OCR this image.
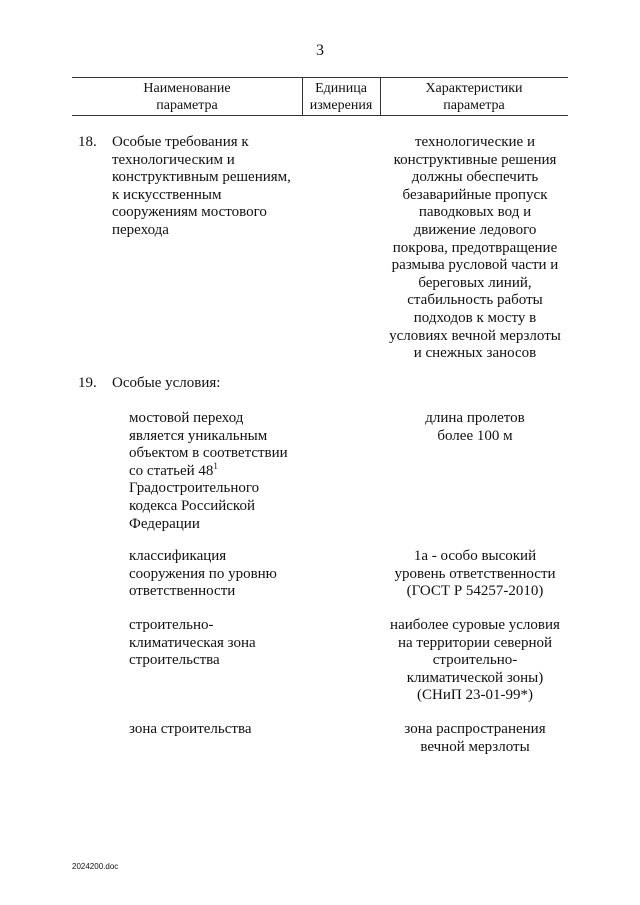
3
Наименование
параметра
Единица
измерения
Характеристики
параметра
18. Особые требования к
технологическим и
конструктивным решениям,
к искусственным
сооружениям мостового
перехода
технологические и
конструктивные решения
должны обеспечить
безаварийные пропуск
паводковых вод и
движение ледового
покрова, предотвращение
размыва русловой части и
береговых линий,
стабильность работы
подходов к мосту в
условиях вечной мерзлоты
и снежных заносов
19. Особые условия:
мостовой переход
является уникальным
объектом в соответствии
со статьей $48^1$
Градостроительного
кодекса Российской
Федерации
длина пролетов
более 100 м
классификация
сооружения по уровню
ответственности
1а - особо высокий
уровень ответственности
(ГОСТ Р 54257-2010)
строительно-
климатическая зона
строительства
наиболее суровые условия
на территории северной
строительно-
климатической зоны)
(СНиП 23-01-99*)
зона строительства	зона распространения
вечной мерзлоты
2024200.doc
